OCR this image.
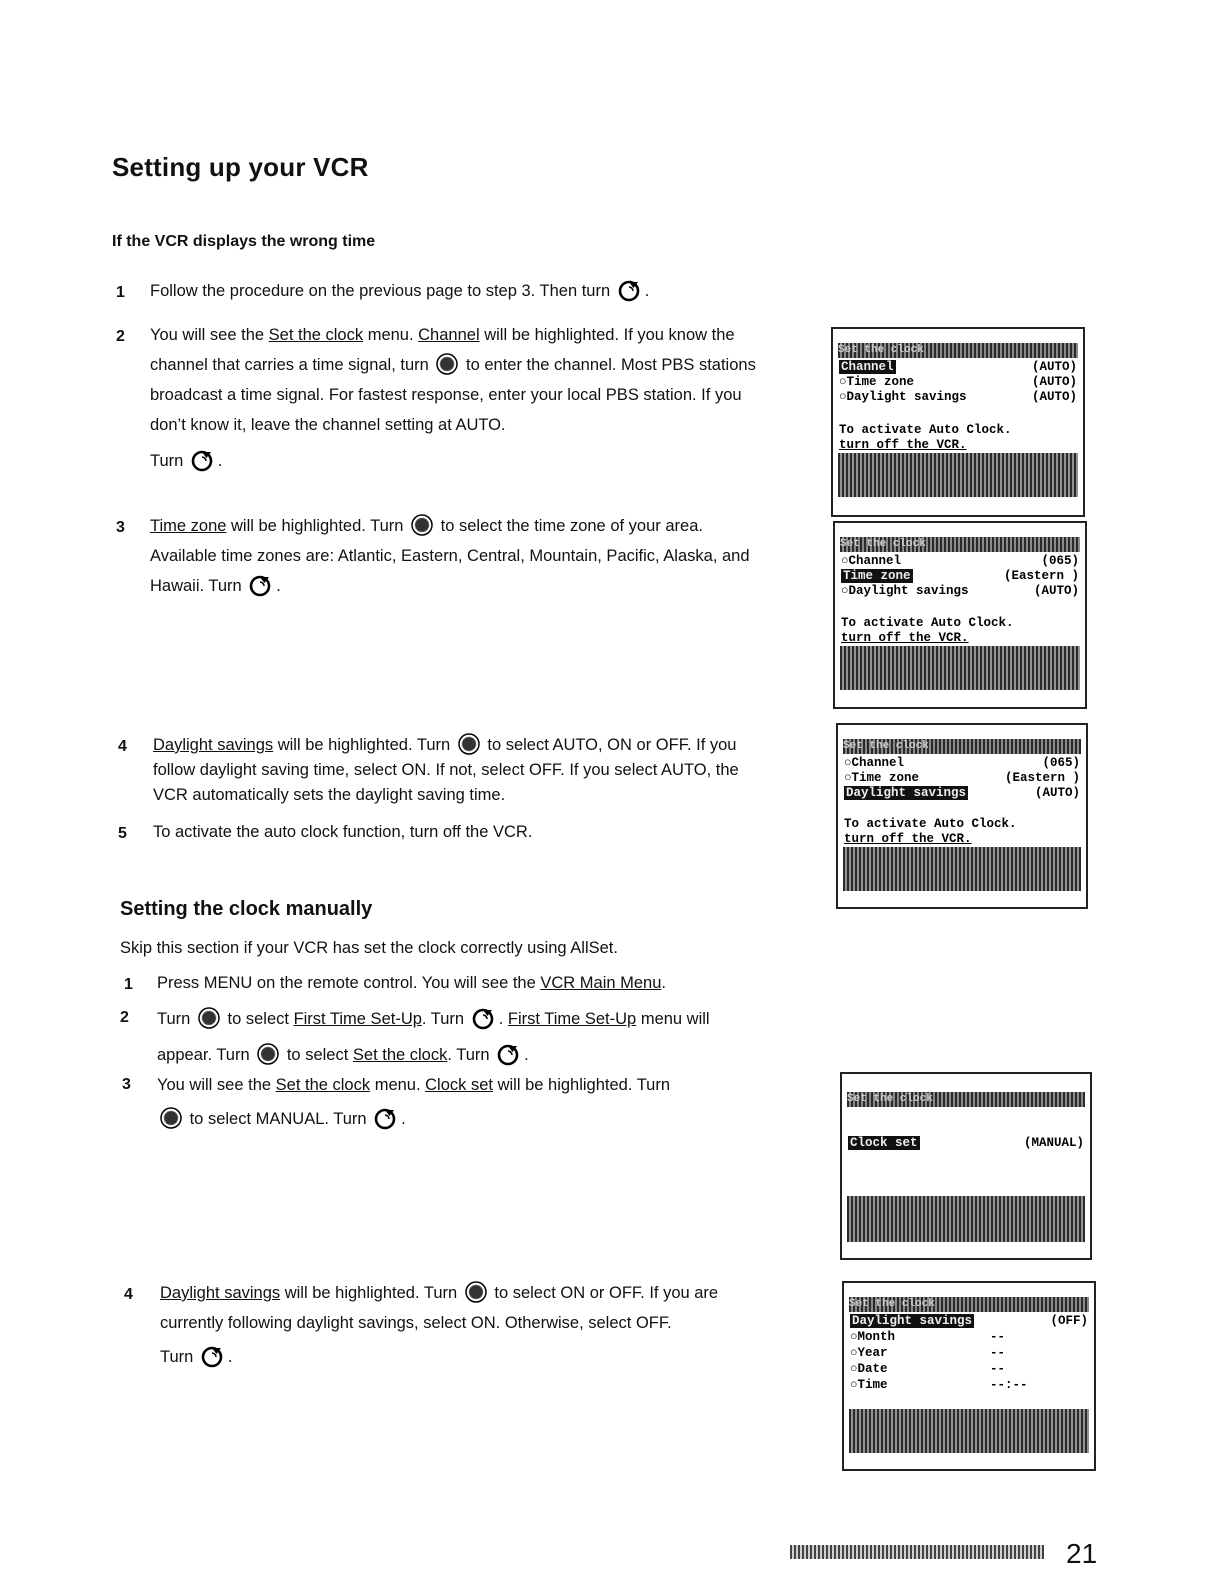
Setting up your VCR
If the VCR displays the wrong time
1 Follow the procedure on the previous page to step 3. Then turn .
2 You will see the Set the clock menu. Channel will be highlighted. If you know the channel that carries a time signal, turn to enter the channel. Most PBS stations broadcast a time signal. For fastest response, enter your local PBS station. If you don’t know it, leave the channel setting at AUTO.
Turn .
3 Time zone will be highlighted. Turn to select the time zone of your area. Available time zones are: Atlantic, Eastern, Central, Mountain, Pacific, Alaska, and Hawaii. Turn .
4 Daylight savings will be highlighted. Turn to select AUTO, ON or OFF. If you follow daylight saving time, select ON. If not, select OFF. If you select AUTO, the VCR automatically sets the daylight saving time.
5 To activate the auto clock function, turn off the VCR.
Setting the clock manually
Skip this section if your VCR has set the clock correctly using AllSet.
1 Press MENU on the remote control. You will see the VCR Main Menu.
2 Turn to select First Time Set-Up. Turn . First Time Set-Up menu will appear. Turn to select Set the clock. Turn .
3 You will see the Set the clock menu. Clock set will be highlighted. Turn
to select MANUAL. Turn .
4 Daylight savings will be highlighted. Turn to select ON or OFF. If you are currently following daylight savings, select ON. Otherwise, select OFF.
Turn .
Set the clock
Channel	(AUTO)
○Time zone	(AUTO)
○Daylight savings	(AUTO)
To activate Auto Clock.
turn off the VCR.
Set the clock
○Channel	(065)
Time zone	(Eastern )
○Daylight savings	(AUTO)
To activate Auto Clock.
turn off the VCR.
Set the clock
○Channel	(065)
○Time zone	(Eastern )
Daylight savings	(AUTO)
To activate Auto Clock.
turn off the VCR.
Set the clock
Clock set	(MANUAL)
Set the clock
Daylight savings	(OFF)
○Month	--
○Year	--
○Date	--
○Time	--:--
21
